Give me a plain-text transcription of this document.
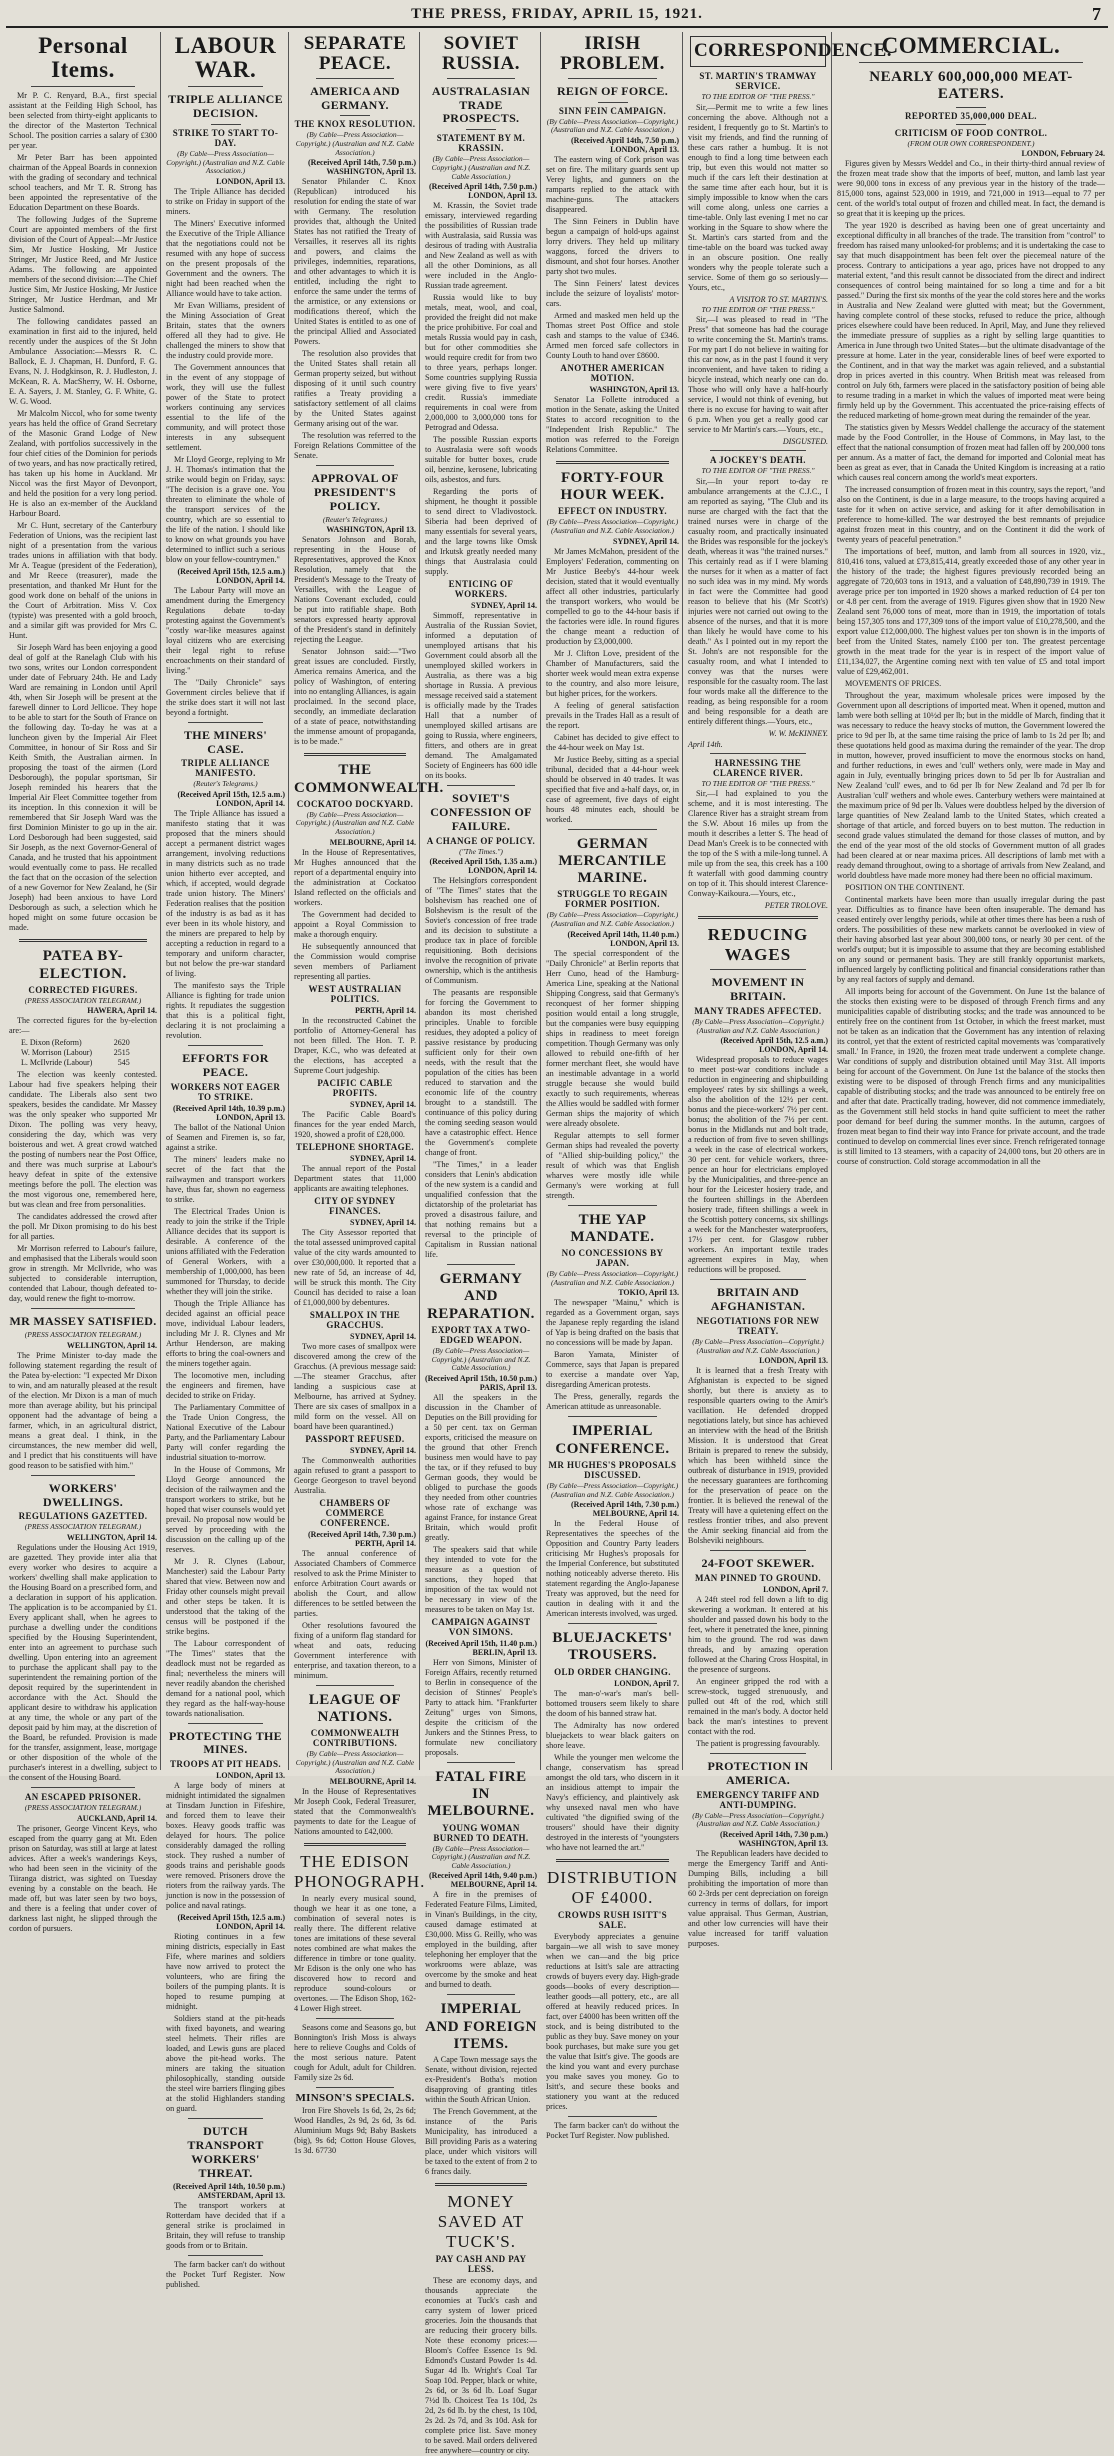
THE PRESS, FRIDAY, APRIL 15, 1921.	7
Personal Items.

Mr P. C. Renyard, B.A., first special assistant at the Feilding High School, has been selected from thirty-eight applicants to the director of the Masterton Technical School. The position carries a salary of £300 per year.

Mr Peter Barr has been appointed chairman of the Appeal Boards in connexion with the grading of secondary and technical school teachers, and Mr T. R. Strong has been appointed the representative of the Education Department on these Boards.

The following Judges of the Supreme Court are appointed members of the first division of the Court of Appeal:—Mr Justice Sim, Mr Justice Hosking, Mr Justice Stringer, Mr Justice Reed, and Mr Justice Adams. The following are appointed members of the second division:—The Chief Justice Sim, Mr Justice Hosking, Mr Justice Stringer, Mr Justice Herdman, and Mr Justice Salmond.

The following candidates passed an examination in first aid to the injured, held recently under the auspices of the St John Ambulance Association:—Messrs R. C. Ballock, E. J. Chapman, H. Dunford, F. G. Evans, N. J. Hodgkinson, R. J. Hudleston, J. McKean, R. A. MacSherry, W. H. Osborne, E. A. Sayers, J. M. Stanley, G. F. White, G. W. G. Wood.

Mr Malcolm Niccol, who for some twenty years has held the office of Grand Secretary of the Masonic Grand Lodge of New Zealand, with portfolios successively in the four chief cities of the Dominion for periods of two years, and has now practically retired, has taken up his home in Auckland. Mr Niccol was the first Mayor of Devonport, and held the position for a very long period. He is also an ex-member of the Auckland Harbour Board.

Mr C. Hunt, secretary of the Canterbury Federation of Unions, was the recipient last night of a presentation from the various trades unions in affiliation with that body. Mr A. Teague (president of the Federation), and Mr Reece (treasurer), made the presentation, and thanked Mr Hunt for the good work done on behalf of the unions in the Court of Arbitration. Miss V. Cox (typiste) was presented with a gold brooch, and a similar gift was provided for Mrs C. Hunt.

Sir Joseph Ward has been enjoying a good deal of golf at the Ranelagh Club with his two sons, writes our London correspondent under date of February 24th. He and Lady Ward are remaining in London until April 4th, when Sir Joseph will be present at the farewell dinner to Lord Jellicoe. They hope to be able to start for the South of France on the following day. To-day he was at a luncheon given by the Imperial Air Fleet Committee, in honour of Sir Ross and Sir Keith Smith, the Australian airmen. In proposing the toast of the airmen (Lord Desborough), the popular sportsman, Sir Joseph reminded his hearers that the Imperial Air Fleet Committee together from its inception. In this connexion it will be remembered that Sir Joseph Ward was the first Dominion Minister to go up in the air. Lord Desborough had been suggested, said Sir Joseph, as the next Governor-General of Canada, and he trusted that his appointment would eventually come to pass. He recalled the fact that on the occasion of the selection of a new Governor for New Zealand, he (Sir Joseph) had been anxious to have Lord Desborough as such, a selection which he hoped might on some future occasion be made.

PATEA BY-ELECTION.
CORRECTED FIGURES.
(PRESS ASSOCIATION TELEGRAM.)
HAWERA, April 14.

The corrected figures for the by-election are:—

E. Dixon (Reform)	2620
W. Morrison (Labour)	2515
L. McIlvride (Labour)	545

The election was keenly contested. Labour had five speakers helping their candidate. The Liberals also sent two speakers, besides the candidate. Mr Massey was the only speaker who supported Mr Dixon. The polling was very heavy, considering the day, which was very boisterous and wet. A great crowd watched the posting of numbers near the Post Office, and there was much surprise at Labour's heavy defeat in spite of the extensive meetings before the poll. The election was the most vigorous one, remembered here, but was clean and free from personalities.

The candidates addressed the crowd after the poll. Mr Dixon promising to do his best for all parties.

Mr Morrison referred to Labour's failure, and emphasised that the Liberals would soon grow in strength. Mr McIlvride, who was subjected to considerable interruption, contended that Labour, though defeated to-day, would renew the fight to-morrow.

MR MASSEY SATISFIED.
(PRESS ASSOCIATION TELEGRAM.)
WELLINGTON, April 14.

The Prime Minister to-day made the following statement regarding the result of the Patea by-election: "I expected Mr Dixon to win, and am naturally pleased at the result of the election. Mr Dixon is a man of much more than average ability, but his principal opponent had the advantage of being a farmer, which, in an agricultural district, means a great deal. I think, in the circumstances, the new member did well, and I predict that his constituents will have good reason to be satisfied with him."

WORKERS' DWELLINGS.
REGULATIONS GAZETTED.
(PRESS ASSOCIATION TELEGRAM.)
WELLINGTON, April 14.

Regulations under the Housing Act 1919, are gazetted. They provide inter alia that every worker who desires to acquire a workers' dwelling shall make application to the Housing Board on a prescribed form, and a declaration in support of his application. The application is to be accompanied by £1. Every applicant shall, when he agrees to purchase a dwelling under the conditions specified by the Housing Superintendent, enter into an agreement to purchase such dwelling. Upon entering into an agreement to purchase the applicant shall pay to the superintendent the remaining portion of the deposit required by the superintendent in accordance with the Act. Should the applicant desire to withdraw his application at any time, the whole or any part of the deposit paid by him may, at the discretion of the Board, be refunded. Provision is made for the transfer, assignment, lease, mortgage or other disposition of the whole of the purchaser's interest in a dwelling, subject to the consent of the Housing Board.

AN ESCAPED PRISONER.
(PRESS ASSOCIATION TELEGRAM.)
AUCKLAND, April 14.

The prisoner, George Vincent Keys, who escaped from the quarry gang at Mt. Eden prison on Saturday, was still at large at latest advices. After a week's wanderings Keys, who had been seen in the vicinity of the Tiiranga district, was sighted on Tuesday evening by a constable on the beach. He made off, but was later seen by two boys, and there is a feeling that under cover of darkness last night, he slipped through the cordon of pursuers.

LABOUR WAR.
TRIPLE ALLIANCE DECISION.
STRIKE TO START TO-DAY.
(By Cable—Press Association—Copyright.) (Australian and N.Z. Cable Association.)
LONDON, April 13.

The Triple Alliance has decided to strike on Friday in support of the miners.

The Miners' Executive informed the Executive of the Triple Alliance that the negotiations could not be resumed with any hope of success on the present proposals of the Government and the owners. The night had been reached when the Alliance would have to take action.

Mr Evan Williams, president of the Mining Association of Great Britain, states that the owners offered all they had to give. He challenged the miners to show that the industry could provide more.

The Government announces that in the event of any stoppage of work, they will use the fullest power of the State to protect workers continuing any services essential to the life of the community, and will protect those interests in any subsequent settlement.

Mr Lloyd George, replying to Mr J. H. Thomas's intimation that the strike would begin on Friday, says: "The decision is a grave one. You threaten to eliminate the whole of the transport services of the country, which are so essential to the life of the nation. I should like to know on what grounds you have determined to inflict such a serious blow on your fellow-countrymen."

(Received April 15th, 12.5 a.m.) LONDON, April 14.

The Labour Party will move an amendment during the Emergency Regulations debate to-day protesting against the Government's "costly war-like measures against loyal citizens who are exercising their legal right to refuse encroachments on their standard of living."

The "Daily Chronicle" says Government circles believe that if the strike does start it will not last beyond a fortnight.

THE MINERS' CASE.
TRIPLE ALLIANCE MANIFESTO.
(Reuter's Telegrams.)
(Received April 15th, 12.5 a.m.) LONDON, April 14.

The Triple Alliance has issued a manifesto stating that it was proposed that the miners should accept a permanent district wages arrangement, involving reductions in many districts such as no trade union hitherto ever accepted, and which, if accepted, would degrade trade union history. The Miners' Federation realises that the position of the industry is as bad as it has ever been in its whole history, and the miners are prepared to help by accepting a reduction in regard to a temporary and uniform character, but not below the pre-war standard of living.

The manifesto says the Triple Alliance is fighting for trade union rights. It repudiates the suggestion that this is a political fight, declaring it is not proclaiming a revolution.

EFFORTS FOR PEACE.
WORKERS NOT EAGER TO STRIKE.
(Received April 14th, 10.39 p.m.) LONDON, April 13.

The ballot of the National Union of Seamen and Firemen is, so far, against a strike.

The miners' leaders make no secret of the fact that the railwaymen and transport workers have, thus far, shown no eagerness to strike.

The Electrical Trades Union is ready to join the strike if the Triple Alliance decides that its support is desirable. A conference of the unions affiliated with the Federation of General Workers, with a membership of 1,000,000, has been summoned for Thursday, to decide whether they will join the strike.

Though the Triple Alliance has decided against an official peace move, individual Labour leaders, including Mr J. R. Clynes and Mr Arthur Henderson, are making efforts to bring the coal-owners and the miners together again.

The locomotive men, including the engineers and firemen, have decided to strike on Friday.

The Parliamentary Committee of the Trade Union Congress, the National Executive of the Labour Party, and the Parliamentary Labour Party will confer regarding the industrial situation to-morrow.

In the House of Commons, Mr Lloyd George announced the decision of the railwaymen and the transport workers to strike, but he hoped that wiser counsels would yet prevail. No proposal now would be served by proceeding with the discussion on the calling up of the reserves.

Mr J. R. Clynes (Labour, Manchester) said the Labour Party shared that view. Between now and Friday other counsels might prevail and other steps be taken. It is understood that the taking of the census will be postponed if the strike begins.

The Labour correspondent of "The Times" states that the deadlock must not be regarded as final; nevertheless the miners will never readily abandon the cherished demand for a national pool, which they regard as the half-way-house towards nationalisation.

PROTECTING THE MINES.
TROOPS AT PIT HEADS.
LONDON, April 13.

A large body of miners at midnight intimidated the signalmen at Tinsdam Junction in Fifeshire, and forced them to leave their boxes. Heavy goods traffic was delayed for hours. The police considerably damaged the rolling stock. They rushed a number of goods trains and perishable goods were removed. Prisoners drove the rioters from the railway yards. The junction is now in the possession of police and naval ratings.

(Received April 15th, 12.5 a.m.) LONDON, April 14.

Rioting continues in a few mining districts, especially in East Fife, where marines and soldiers have now arrived to protect the volunteers, who are firing the boilers of the pumping plants. It is hoped to resume pumping at midnight.

Soldiers stand at the pit-heads with fixed bayonets, and wearing steel helmets. Their rifles are loaded, and Lewis guns are placed above the pit-head works. The miners are taking the situation philosophically, standing outside the steel wire barriers flinging gibes at the stolid Highlanders standing on guard.

DUTCH TRANSPORT WORKERS' THREAT.
(Received April 14th, 10.50 p.m.) AMSTERDAM, April 13.

The transport workers at Rotterdam have decided that if a general strike is proclaimed in Britain, they will refuse to tranship goods from or to Britain.

The farm backer can't do without the Pocket Turf Register. Now published.

SEPARATE PEACE.
AMERICA AND GERMANY.
THE KNOX RESOLUTION.
(By Cable—Press Association—Copyright.) (Australian and N.Z. Cable Association.)
(Received April 14th, 7.50 p.m.) WASHINGTON, April 13.

Senator Philander C. Knox (Republican) introduced his resolution for ending the state of war with Germany. The resolution provides that, although the United States has not ratified the Treaty of Versailles, it reserves all its rights and powers, and claims the privileges, indemnities, reparations, and other advantages to which it is entitled, including the right to enforce the same under the terms of the armistice, or any extensions or modifications thereof, which the United States is entitled to as one of the principal Allied and Associated Powers.

The resolution also provides that the United States shall retain all German property seized, but without disposing of it until such country ratifies a Treaty providing a satisfactory settlement of all claims by the United States against Germany arising out of the war.

The resolution was referred to the Foreign Relations Committee of the Senate.

APPROVAL OF PRESIDENT'S POLICY.
(Reuter's Telegrams.)
WASHINGTON, April 13.

Senators Johnson and Borah, representing in the House of Representatives, approved the Knox Resolution, namely that the President's Message to the Treaty of Versailles, with the League of Nations Covenant excluded, could be put into ratifiable shape. Both senators expressed hearty approval of the President's stand in definitely rejecting the League.

Senator Johnson said:—"Two great issues are concluded. Firstly, America remains America, and the policy of Washington, of entering into no entangling Alliances, is again proclaimed. In the second place, secondly, an immediate declaration of a state of peace, notwithstanding the immense amount of propaganda, is to be made."

THE COMMONWEALTH.
COCKATOO DOCKYARD.
(By Cable—Press Association—Copyright.) (Australian and N.Z. Cable Association.)
MELBOURNE, April 14.

In the House of Representatives, Mr Hughes announced that the report of a departmental enquiry into the administration at Cockatoo Island reflected on the officials and workers.

The Government had decided to appoint a Royal Commission to make a thorough enquiry.

He subsequently announced that the Commission would comprise seven members of Parliament representing all parties.

WEST AUSTRALIAN POLITICS.
PERTH, April 14.

In the reconstructed Cabinet the portfolio of Attorney-General has not been filled. The Hon. T. P. Draper, K.C., who was defeated at the elections, has accepted a Supreme Court judgeship.

PACIFIC CABLE PROFITS.
SYDNEY, April 14.

The Pacific Cable Board's finances for the year ended March, 1920, showed a profit of £28,000.

TELEPHONE SHORTAGE.
SYDNEY, April 14.

The annual report of the Postal Department states that 11,000 applicants are awaiting telephones.

CITY OF SYDNEY FINANCES.
SYDNEY, April 14.

The City Assessor reported that the total assessed unimproved capital value of the city wards amounted to over £30,000,000. It reported that a new rate of 5d, an increase of 4d, will be struck this month. The City Council has decided to raise a loan of £1,000,000 by debentures.

SMALLPOX IN THE GRACCHUS.
SYDNEY, April 14.

Two more cases of smallpox were discovered among the crew of the Gracchus. (A previous message said:—The steamer Gracchus, after landing a suspicious case at Melbourne, has arrived at Sydney. There are six cases of smallpox in a mild form on the vessel. All on board have been quarantined.)

PASSPORT REFUSED.
SYDNEY, April 14.

The Commonwealth authorities again refused to grant a passport to George Georgeson to travel beyond Australia.

CHAMBERS OF COMMERCE CONFERENCE.
(Received April 14th, 7.30 p.m.) PERTH, April 14.

The annual conference of Associated Chambers of Commerce resolved to ask the Prime Minister to enforce Arbitration Court awards or abolish the Court, and allow differences to be settled between the parties.

Other resolutions favoured the fixing of a uniform flag standard for wheat and oats, reducing Government interference with enterprise, and taxation thereon, to a minimum.

LEAGUE OF NATIONS.
COMMONWEALTH CONTRIBUTIONS.
(By Cable—Press Association—Copyright.) (Australian and N.Z. Cable Association.)
MELBOURNE, April 14.

In the House of Representatives Mr Joseph Cook, Federal Treasurer, stated that the Commonwealth's payments to date for the League of Nations amounted to £42,000.

THE EDISON PHONOGRAPH.

In nearly every musical sound, though we hear it as one tone, a combination of several notes is really there. The different relative tones are imitations of these several notes combined are what makes the difference in timbre or tone quality. Mr Edison is the only one who has discovered how to record and reproduce sound-colours or overtones. — The Edison Shop, 162-4 Lower High street.

Seasons come and Seasons go, but Bonnington's Irish Moss is always here to relieve Coughs and Colds of the most serious nature. Patent cough for Adult, adult for Children. Family size 2s 6d.

MINSON'S SPECIALS.

Iron Fire Shovels 1s 6d, 2s, 2s 6d; Wood Handles, 2s 9d, 2s 6d, 3s 6d. Aluminium Mugs 9d; Baby Baskets (big), 9s 6d; Cotton House Gloves, 1s 3d. 67730

SOVIET RUSSIA.
AUSTRALASIAN TRADE PROSPECTS.
STATEMENT BY M. KRASSIN.
(By Cable—Press Association—Copyright.) (Australian and N.Z. Cable Association.)
(Received April 14th, 7.50 p.m.) LONDON, April 13.

M. Krassin, the Soviet trade emissary, interviewed regarding the possibilities of Russian trade with Australasia, said Russia was desirous of trading with Australia and New Zealand as well as with all the other Dominions, as all were included in the Anglo-Russian trade agreement.

Russia would like to buy metals, meat, wool, and coal, provided the freight did not make the price prohibitive. For coal and metals Russia would pay in cash, but for other commodities she would require credit for from two to three years, perhaps longer. Some countries supplying Russia were giving five to five years' credit. Russia's immediate requirements in coal were from 2,000,000 to 3,000,000 tons for Petrograd and Odessa.

The possible Russian exports to Australasia were soft woods suitable for butter boxes, crude oil, benzine, kerosene, lubricating oils, asbestos, and furs.

Regarding the ports of shipment, he thought it possible to send direct to Vladivostock. Siberia had been deprived of many essentials for several years, and the large towns like Omsk and Irkutsk greatly needed many things that Australasia could supply.

ENTICING OF WORKERS.
SYDNEY, April 14.

Simmoff, representative in Australia of the Russian Soviet, informed a deputation of unemployed artisans that his Government could absorb all the unemployed skilled workers in Australia, as there was a big shortage in Russia. A previous message received said a statement is officially made by the Trades Hall that a number of unemployed skilled artisans are going to Russia, where engineers, fitters, and others are in great demand. The Amalgamated Society of Engineers has 600 idle on its books.

SOVIET'S CONFESSION OF FAILURE.
A CHANGE OF POLICY.
("The Times.")
(Received April 15th, 1.35 a.m.) LONDON, April 14.

The Helsingfors correspondent of "The Times" states that the bolshevism has reached one of Bolshevism is the result of the Soviet's concession of free trade and its decision to substitute a produce tax in place of forcible requisitioning. Both decisions involve the recognition of private ownership, which is the antithesis of Communism.

The peasants are responsible for forcing the Government to abandon its most cherished principles. Unable to forcible residues, they adopted a policy of passive resistance by producing sufficient only for their own needs, with the result that the population of the cities has been reduced to starvation and the economic life of the country brought to a standstill. The continuance of this policy during the coming seeding season would have a catastrophic effect. Hence the Government's complete change of front.

"The Times," in a leader considers that Lenin's abdication of the new system is a candid and unqualified confession that the dictatorship of the proletariat has proved a disastrous failure, and that nothing remains but a reversal to the principle of Capitalism in Russian national life.

GERMANY AND REPARATION.
EXPORT TAX A TWO-EDGED WEAPON.
(By Cable—Press Association—Copyright.) (Australian and N.Z. Cable Association.)
(Received April 15th, 10.50 p.m.) PARIS, April 13.

All the speakers in the discussion in the Chamber of Deputies on the Bill providing for a 50 per cent. tax on German exports, criticised the measure on the ground that other French business men would have to pay the tax, or if they refused to buy German goods, they would be obliged to purchase the goods they needed from other countries whose rate of exchange was against France, for instance Great Britain, which would profit greatly.

The speakers said that while they intended to vote for the measure as a question of sanctions, they hoped that imposition of the tax would not be necessary in view of the measures to be taken on May 1st.

CAMPAIGN AGAINST VON SIMONS.
(Received April 15th, 11.40 p.m.) BERLIN, April 13.

Herr von Simons, Minister of Foreign Affairs, recently returned to Berlin in consequence of the decision of Stinnes' People's Party to attack him. "Frankfurter Zeitung" urges von Simons, despite the criticism of the Junkers and the Stinnes Press, to formulate new conciliatory proposals.

FATAL FIRE IN MELBOURNE.
YOUNG WOMAN BURNED TO DEATH.
(By Cable—Press Association—Copyright.) (Australian and N.Z. Cable Association.)
(Received April 14th, 9.40 p.m.) MELBOURNE, April 14.

A fire in the premises of Federated Feature Films, Limited, in Vinan's Buildings, in the city, caused damage estimated at £30,000. Miss G. Reilly, who was employed in the building, after telephoning her employer that the workrooms were ablaze, was overcome by the smoke and heat and burned to death.

IMPERIAL AND FOREIGN ITEMS.

A Cape Town message says the Senate, without division, rejected ex-President's Botha's motion disapproving of granting titles within the South African Union.

The French Government, at the instance of the Paris Municipality, has introduced a Bill providing Paris as a watering place, under which visitors will be taxed to the extent of from 2 to 6 francs daily.

MONEY SAVED AT TUCK'S.
PAY CASH AND PAY LESS.

These are economy days, and thousands appreciate the economies at Tuck's cash and carry system of lower priced groceries. Join the thousands that are reducing their grocery bills. Note these economy prices:—Bloom's Coffee Essence 1s 9d. Edmond's Custard Powder 1s 4d. Sugar 4d lb. Wright's Coal Tar Soap 10d. Pepper, black or white, 2s 6d, or 3s 6d lb. Loaf Sugar 7½d lb. Choicest Tea 1s 10d, 2s 2d, 2s 6d lb. by the chest, 1s 10d, 2s 2d. 2s 7d, and 3s 10d. Ask for complete price list. Save money to be saved. Mail orders delivered free anywhere—country or city.

IRISH PROBLEM.
REIGN OF FORCE.
SINN FEIN CAMPAIGN.
(By Cable—Press Association—Copyright.) (Australian and N.Z. Cable Association.)
(Received April 14th, 7.50 p.m.) LONDON, April 13.

The eastern wing of Cork prison was set on fire. The military guards sent up Verey lights, and gunners on the ramparts replied to the attack with machine-guns. The attackers disappeared.

The Sinn Feiners in Dublin have begun a campaign of hold-ups against lorry drivers. They held up military waggons, forced the drivers to dismount, and shot four horses. Another party shot two mules.

The Sinn Feiners' latest devices include the seizure of loyalists' motor-cars.

Armed and masked men held up the Thomas street Post Office and stole cash and stamps to the value of £346. Armed men forced safe collectors in County Louth to hand over £8600.

ANOTHER AMERICAN MOTION.
WASHINGTON, April 13.

Senator La Follette introduced a motion in the Senate, asking the United States to accord recognition to the "Independent Irish Republic." The motion was referred to the Foreign Relations Committee.

FORTY-FOUR HOUR WEEK.
EFFECT ON INDUSTRY.
(By Cable—Press Association—Copyright.) (Australian and N.Z. Cable Association.)
SYDNEY, April 14.

Mr James McMahon, president of the Employers' Federation, commenting on Mr Justice Beeby's 44-hour week decision, stated that it would eventually affect all other industries, particularly the transport workers, who would be compelled to go to the 44-hour basis if the factories were idle. In round figures the change meant a reduction of production by £3,000,000.

Mr J. Clifton Love, president of the Chamber of Manufacturers, said the shorter week would mean extra expense to the country, and also more leisure, but higher prices, for the workers.

A feeling of general satisfaction prevails in the Trades Hall as a result of the report.

Cabinet has decided to give effect to the 44-hour week on May 1st.

Mr Justice Beeby, sitting as a special tribunal, decided that a 44-hour week should be observed in 40 trades. It was specified that five and a-half days, or, in case of agreement, five days of eight hours 48 minutes each, should be worked.

GERMAN MERCANTILE MARINE.
STRUGGLE TO REGAIN FORMER POSITION.
(By Cable—Press Association—Copyright.) (Australian and N.Z. Cable Association.)
(Received April 14th, 11.40 p.m.) LONDON, April 13.

The special correspondent of the "Daily Chronicle" at Berlin reports that Herr Cuno, head of the Hamburg-America Line, speaking at the National Shipping Congress, said that Germany's reconquest of her former shipping position would entail a long struggle, but the companies were busy equipping ships in readiness to meet foreign competition. Though Germany was only allowed to rebuild one-fifth of her former merchant fleet, she would have an inestimable advantage in a world struggle because she would build exactly to such requirements, whereas the Allies would be saddled with former German ships the majority of which were already obsolete.

Regular attempts to sell former German ships had revealed the poverty of "Allied ship-building policy," the result of which was that English wharves were mostly idle while Germany's were working at full strength.

THE YAP MANDATE.
NO CONCESSIONS BY JAPAN.
(By Cable—Press Association—Copyright.) (Australian and N.Z. Cable Association.)
TOKIO, April 13.

The newspaper "Mainu," which is regarded as a Government organ, says the Japanese reply regarding the island of Yap is being drafted on the basis that no concessions will be made by Japan.

Baron Yamata, Minister of Commerce, says that Japan is prepared to exercise a mandate over Yap, disregarding American protests.

The Press, generally, regards the American attitude as unreasonable.

IMPERIAL CONFERENCE.
MR HUGHES'S PROPOSALS DISCUSSED.
(By Cable—Press Association—Copyright.) (Australian and N.Z. Cable Association.)
(Received April 14th, 7.30 p.m.) MELBOURNE, April 14.

In the Federal House of Representatives the speeches of the Opposition and Country Party leaders criticising Mr Hughes's proposals for the Imperial Conference, but substituted nothing noticeably adverse thereto. His statement regarding the Anglo-Japanese Treaty was approved, but the need for caution in dealing with it and the American interests involved, was urged.

BLUEJACKETS' TROUSERS.
OLD ORDER CHANGING.
LONDON, April 7.

The man-o'-war's man's bell-bottomed trousers seem likely to share the doom of his banned straw hat.

The Admiralty has now ordered bluejackets to wear black gaiters on shore leave.

While the younger men welcome the change, conservatism has spread amongst the old tars, who discern in it an insidious attempt to impair the Navy's efficiency, and plaintively ask why unsexed naval men who have cultivated "the dignified swing of the trousers" should have their dignity destroyed in the interests of "youngsters who have not learned the art."

DISTRIBUTION OF £4000.
CROWDS RUSH ISITT'S SALE.

Everybody appreciates a genuine bargain—we all wish to save money when we can—and the big price reductions at Isitt's sale are attracting crowds of buyers every day. High-grade goods—books of every description—leather goods—all pottery, etc., are all offered at heavily reduced prices. In fact, over £4000 has been written off the stock, and is being distributed to the public as they buy. Save money on your book purchases, but make sure you get the value that Isitt's give. The goods are the kind you want and every purchase you make saves you money. Go to Isitt's, and secure these books and stationery you want at the reduced prices.

The farm backer can't do without the Pocket Turf Register. Now published.

CORRESPONDENCE.
ST. MARTIN'S TRAMWAY SERVICE.
TO THE EDITOR OF "THE PRESS."

Sir,—Permit me to write a few lines concerning the above. Although not a resident, I frequently go to St. Martin's to visit my friends, and find the running of these cars rather a humbug. It is not enough to find a long time between each trip, but even this would not matter so much if the cars left their destination at the same time after each hour, but it is simply impossible to know when the cars will come along, unless one carries a time-table. Only last evening I met no car working in the Square to show where the St. Martin's cars started from and the time-table on the board was tucked away in an obscure position. One really wonders why the people tolerate such a service. Some of them go so seriously—Yours, etc.,

A VISITOR TO ST. MARTIN'S.
TO THE EDITOR OF "THE PRESS."

Sir,—I was pleased to read in "The Press" that someone has had the courage to write concerning the St. Martin's trams. For my part I do not believe in waiting for this car now, as in the past I found it very inconvenient, and have taken to riding a bicycle instead, which nearly one can do. Those who will only have a half-hourly service, I would not think of evening, but there is no excuse for having to wait after 6 p.m. When you get a really good car service to Mr Martin's cars.—Yours, etc.,

DISGUSTED.
A JOCKEY'S DEATH.
TO THE EDITOR OF "THE PRESS."

Sir,—In your report to-day re ambulance arrangements at the C.J.C., I am reported as saying, "The Club and its nurse are charged with the fact that the trained nurses were in charge of the casualty room, and practically insinuated the Brides was responsible for the jockey's death, whereas it was "the trained nurses." This certainly read as if I were blaming the nurses for it when as a matter of fact no such idea was in my mind. My words in fact were the Committee had good reason to believe that his (Mr Scott's) injuries were not carried out owing to the absence of the nurses, and that it is more than likely he would have come to his death." As I pointed out in my report the St. John's are not responsible for the casualty room, and what I intended to convey was that the nurses were responsible for the casualty room. The last four words make all the difference to the reading, as being responsible for a room and being responsible for a death are entirely different things.—Yours, etc.,

W. W. McKINNEY.
April 14th.
HARNESSING THE CLARENCE RIVER.
TO THE EDITOR OF "THE PRESS."

Sir,—I had explained to you the scheme, and it is most interesting. The Clarence River has a straight stream from the S.W. About 16 miles up from the mouth it describes a letter S. The head of Dead Man's Creek is to be connected with the top of the S with a mile-long tunnel. A mile up from the sea, this creek has a 100 ft waterfall with good damming country on top of it. This should interest Clarence-Conway-Kaikoura.—Yours, etc.,

PETER TROLOVE.
REDUCING WAGES
MOVEMENT IN BRITAIN.
MANY TRADES AFFECTED.
(By Cable—Press Association—Copyright.) (Australian and N.Z. Cable Association.)
(Received April 15th, 12.5 a.m.) LONDON, April 14.

Widespread proposals to reduce wages to meet post-war conditions include a reduction in engineering and shipbuilding employees' rates by six shillings a week, also the abolition of the 12½ per cent. bonus and the piece-workers' 7½ per cent. bonus; the abolition of the 7½ per cent. bonus in the Midlands nut and bolt trade, a reduction of from five to seven shillings a week in the case of electrical workers, 30 per cent. for vehicle workers, three-pence an hour for electricians employed by the Municipalities, and three-pence an hour for the Leicester hosiery trade, and the fourteen shillings in the Aberdeen hosiery trade, fifteen shillings a week in the Scottish pottery concerns, six shillings a week for the Manchester waterproofers, 17½ per cent. for Glasgow rubber workers. An important textile trades agreement expires in May, when reductions will be proposed.

BRITAIN AND AFGHANISTAN.
NEGOTIATIONS FOR NEW TREATY.
(By Cable—Press Association—Copyright.) (Australian and N.Z. Cable Association.)
LONDON, April 13.

It is learned that a fresh Treaty with Afghanistan is expected to be signed shortly, but there is anxiety as to responsible quarters owing to the Amir's vacillation. He defended dropped negotiations lately, but since has achieved an interview with the head of the British Mission. It is understood that Great Britain is prepared to renew the subsidy, which has been withheld since the outbreak of disturbance in 1919, provided the necessary guarantees are forthcoming for the preservation of peace on the frontier. It is believed the renewal of the Treaty will have a quietening effect on the restless frontier tribes, and also prevent the Amir seeking financial aid from the Bolsheviki neighbours.

24-FOOT SKEWER.
MAN PINNED TO GROUND.
LONDON, April 7.

A 24ft steel rod fell down a lift to dig skewering a workman. It entered at his shoulder and passed down his body to the feet, where it penetrated the knee, pinning him to the ground. The rod was dawn threads, and by amazing operation followed at the Charing Cross Hospital, in the presence of surgeons.

An engineer gripped the rod with a screw-stock, tugged strenuously, and pulled out 4ft of the rod, which still remained in the man's body. A doctor held back the man's intestines to prevent contact with the rod.

The patient is progressing favourably.

PROTECTION IN AMERICA.
EMERGENCY TARIFF AND ANTI-DUMPING.
(By Cable—Press Association—Copyright.) (Australian and N.Z. Cable Association.)
(Received April 14th, 7.30 p.m.) WASHINGTON, April 13.

The Republican leaders have decided to merge the Emergency Tariff and Anti-Dumping Bills, including a bill prohibiting the importation of more than 60 2-3rds per cent depreciation on foreign currency in terms of dollars, for import value appraisal. Thus German, Austrian, and other low currencies will have their value increased for tariff valuation purposes.

COMMERCIAL.
NEARLY 600,000,000 MEAT-EATERS.
REPORTED 35,000,000 DEAL.
CRITICISM OF FOOD CONTROL.
(FROM OUR OWN CORRESPONDENT.)
LONDON, February 24.

Figures given by Messrs Weddel and Co., in their thirty-third annual review of the frozen meat trade show that the imports of beef, mutton, and lamb last year were 90,000 tons in excess of any previous year in the history of the trade—815,000 tons, against 523,000 in 1919, and 721,000 in 1913—equal to 77 per cent. of the world's total output of frozen and chilled meat. In fact, the demand is so great that it is keeping up the prices.

The year 1920 is described as having been one of great uncertainty and exceptional difficulty in all branches of the trade. The transition from "control" to freedom has raised many unlooked-for problems; and it is undertaking the case to say that much disappointment has been felt over the piecemeal nature of the process. Contrary to anticipations a year ago, prices have not dropped to any material extent, "and this result cannot be dissociated from the direct and indirect consequences of control being maintained for so long a time and for a bit passed." During the first six months of the year the cold stores here and the works in Australia and New Zealand were glutted with meat; but the Government, having complete control of these stocks, refused to reduce the price, although prices elsewhere could have been reduced. In April, May, and June they relieved the immediate pressure of supplies as a right by selling large quantities to America in June through two United States—but the ultimate disadvantage of the pressure at home. Later in the year, considerable lines of beef were exported to the Continent, and in that way the market was again relieved, and a substantial drop in prices averted in this country. When British meat was released from control on July 6th, farmers were placed in the satisfactory position of being able to resume trading in a market in which the values of imported meat were being firmly held up by the Government. This accentuated the price-raising effects of the reduced marketing of home-grown meat during the remainder of the year.

The statistics given by Messrs Weddel challenge the accuracy of the statement made by the Food Controller, in the House of Commons, in May last, to the effect that the national consumption of frozen meat had fallen off by 200,000 tons per annum. As a matter of fact, the demand for imported and Colonial meat has been as great as ever, that in Canada the United Kingdom is increasing at a ratio which causes real concern among the world's meat exporters.

The increased consumption of frozen meat in this country, says the report, "and also on the Continent, is due in a large measure, to the troops having acquired a taste for it when on active service, and asking for it after demobilisation in preference to home-killed. The war destroyed the best remnants of prejudice against frozen meat in this country, and on the Continent it did the work of twenty years of peaceful penetration."

The importations of beef, mutton, and lamb from all sources in 1920, viz., 810,416 tons, valued at £73,815,414, greatly exceeded those of any other year in the history of the trade; the highest figures previously recorded being an aggregate of 720,603 tons in 1913, and a valuation of £48,890,739 in 1919. The average price per ton imported in 1920 shows a marked reduction of £4 per ton or 4.8 per cent. from the average of 1919. Figures given show that in 1920 New Zealand sent 76,000 tons of meat, more than in 1919, the importation of totals being 157,305 tons and 177,309 tons of the import value of £10,278,500, and the export value £12,000,000. The highest values per ton shown is in the imports of beef from the United States, namely £100 per ton. The greatest percentage growth in the meat trade for the year is in respect of the import value of £11,134,027, the Argentine coming next with ten value of £5 and total import value of £29,462,001.

MOVEMENTS OF PRICES.

Throughout the year, maximum wholesale prices were imposed by the Government upon all descriptions of imported meat. When it opened, mutton and lamb were both selling at 10½d per lb; but in the middle of March, finding that it was necessary to reduce the heavy stocks of mutton, the Government lowered the price to 9d per lb, at the same time raising the price of lamb to 1s 2d per lb; and these quotations held good as maxima during the remainder of the year. The drop in mutton, however, proved insufficient to move the enormous stocks on hand, and further reductions, in ewes and 'cull' wethers only, were made in May and again in July, eventually bringing prices down to 5d per lb for Australian and New Zealand 'cull' ewes, and to 6d per lb for New Zealand and 7d per lb for Australian 'cull' wethers and whole ewes. Canterbury wethers were maintained at the maximum price of 9d per lb. Values were doubtless helped by the diversion of large quantities of New Zealand lamb to the United States, which created a shortage of that article, and forced buyers on to best mutton. The reduction in second grade values stimulated the demand for those classes of mutton, and by the end of the year most of the old stocks of Government mutton of all grades had been cleared at or near maxima prices. All descriptions of lamb met with a ready demand throughout, owing to a shortage of arrivals from New Zealand, and world doubtless have made more money had there been no official maximum.

POSITION ON THE CONTINENT.

Continental markets have been more than usually irregular during the past year. Difficulties as to finance have been often insuperable. The demand has ceased entirely over lengthy periods, while at other times there has been a rush of orders. The possibilities of these new markets cannot be overlooked in view of their having absorbed last year about 300,000 tons, or nearly 30 per cent. of the world's output; but it is impossible to assume that they are becoming established on any sound or permanent basis. They are still frankly opportunist markets, influenced largely by conflicting political and financial considerations rather than by any real factors of supply and demand.

All imports being for account of the Government. On June 1st the balance of the stocks then existing were to be disposed of through French firms and any municipalities capable of distributing stocks; and the trade was announced to be entirely free on the continent from 1st October, in which the freest market, must not be taken as an indication that the Government has any intention of relaxing its control, yet that the extent of restricted capital movements was 'comparatively small.' In France, in 1920, the frozen meat trade underwent a complete change. War conditions of supply and distribution obtained until May 31st. All imports being for account of the Government. On June 1st the balance of the stocks then existing were to be disposed of through French firms and any municipalities capable of distributing stocks; and the trade was announced to be entirely free on and after that date. Practically trading, however, did not commence immediately, as the Government still held stocks in hand quite sufficient to meet the rather poor demand for beef during the summer months. In the autumn, cargoes of frozen meat began to find their way into France for private account, and the trade continued to develop on commercial lines ever since. French refrigerated tonnage is still limited to 13 steamers, with a capacity of 24,000 tons, but 20 others are in course of construction. Cold storage accommodation in all the
